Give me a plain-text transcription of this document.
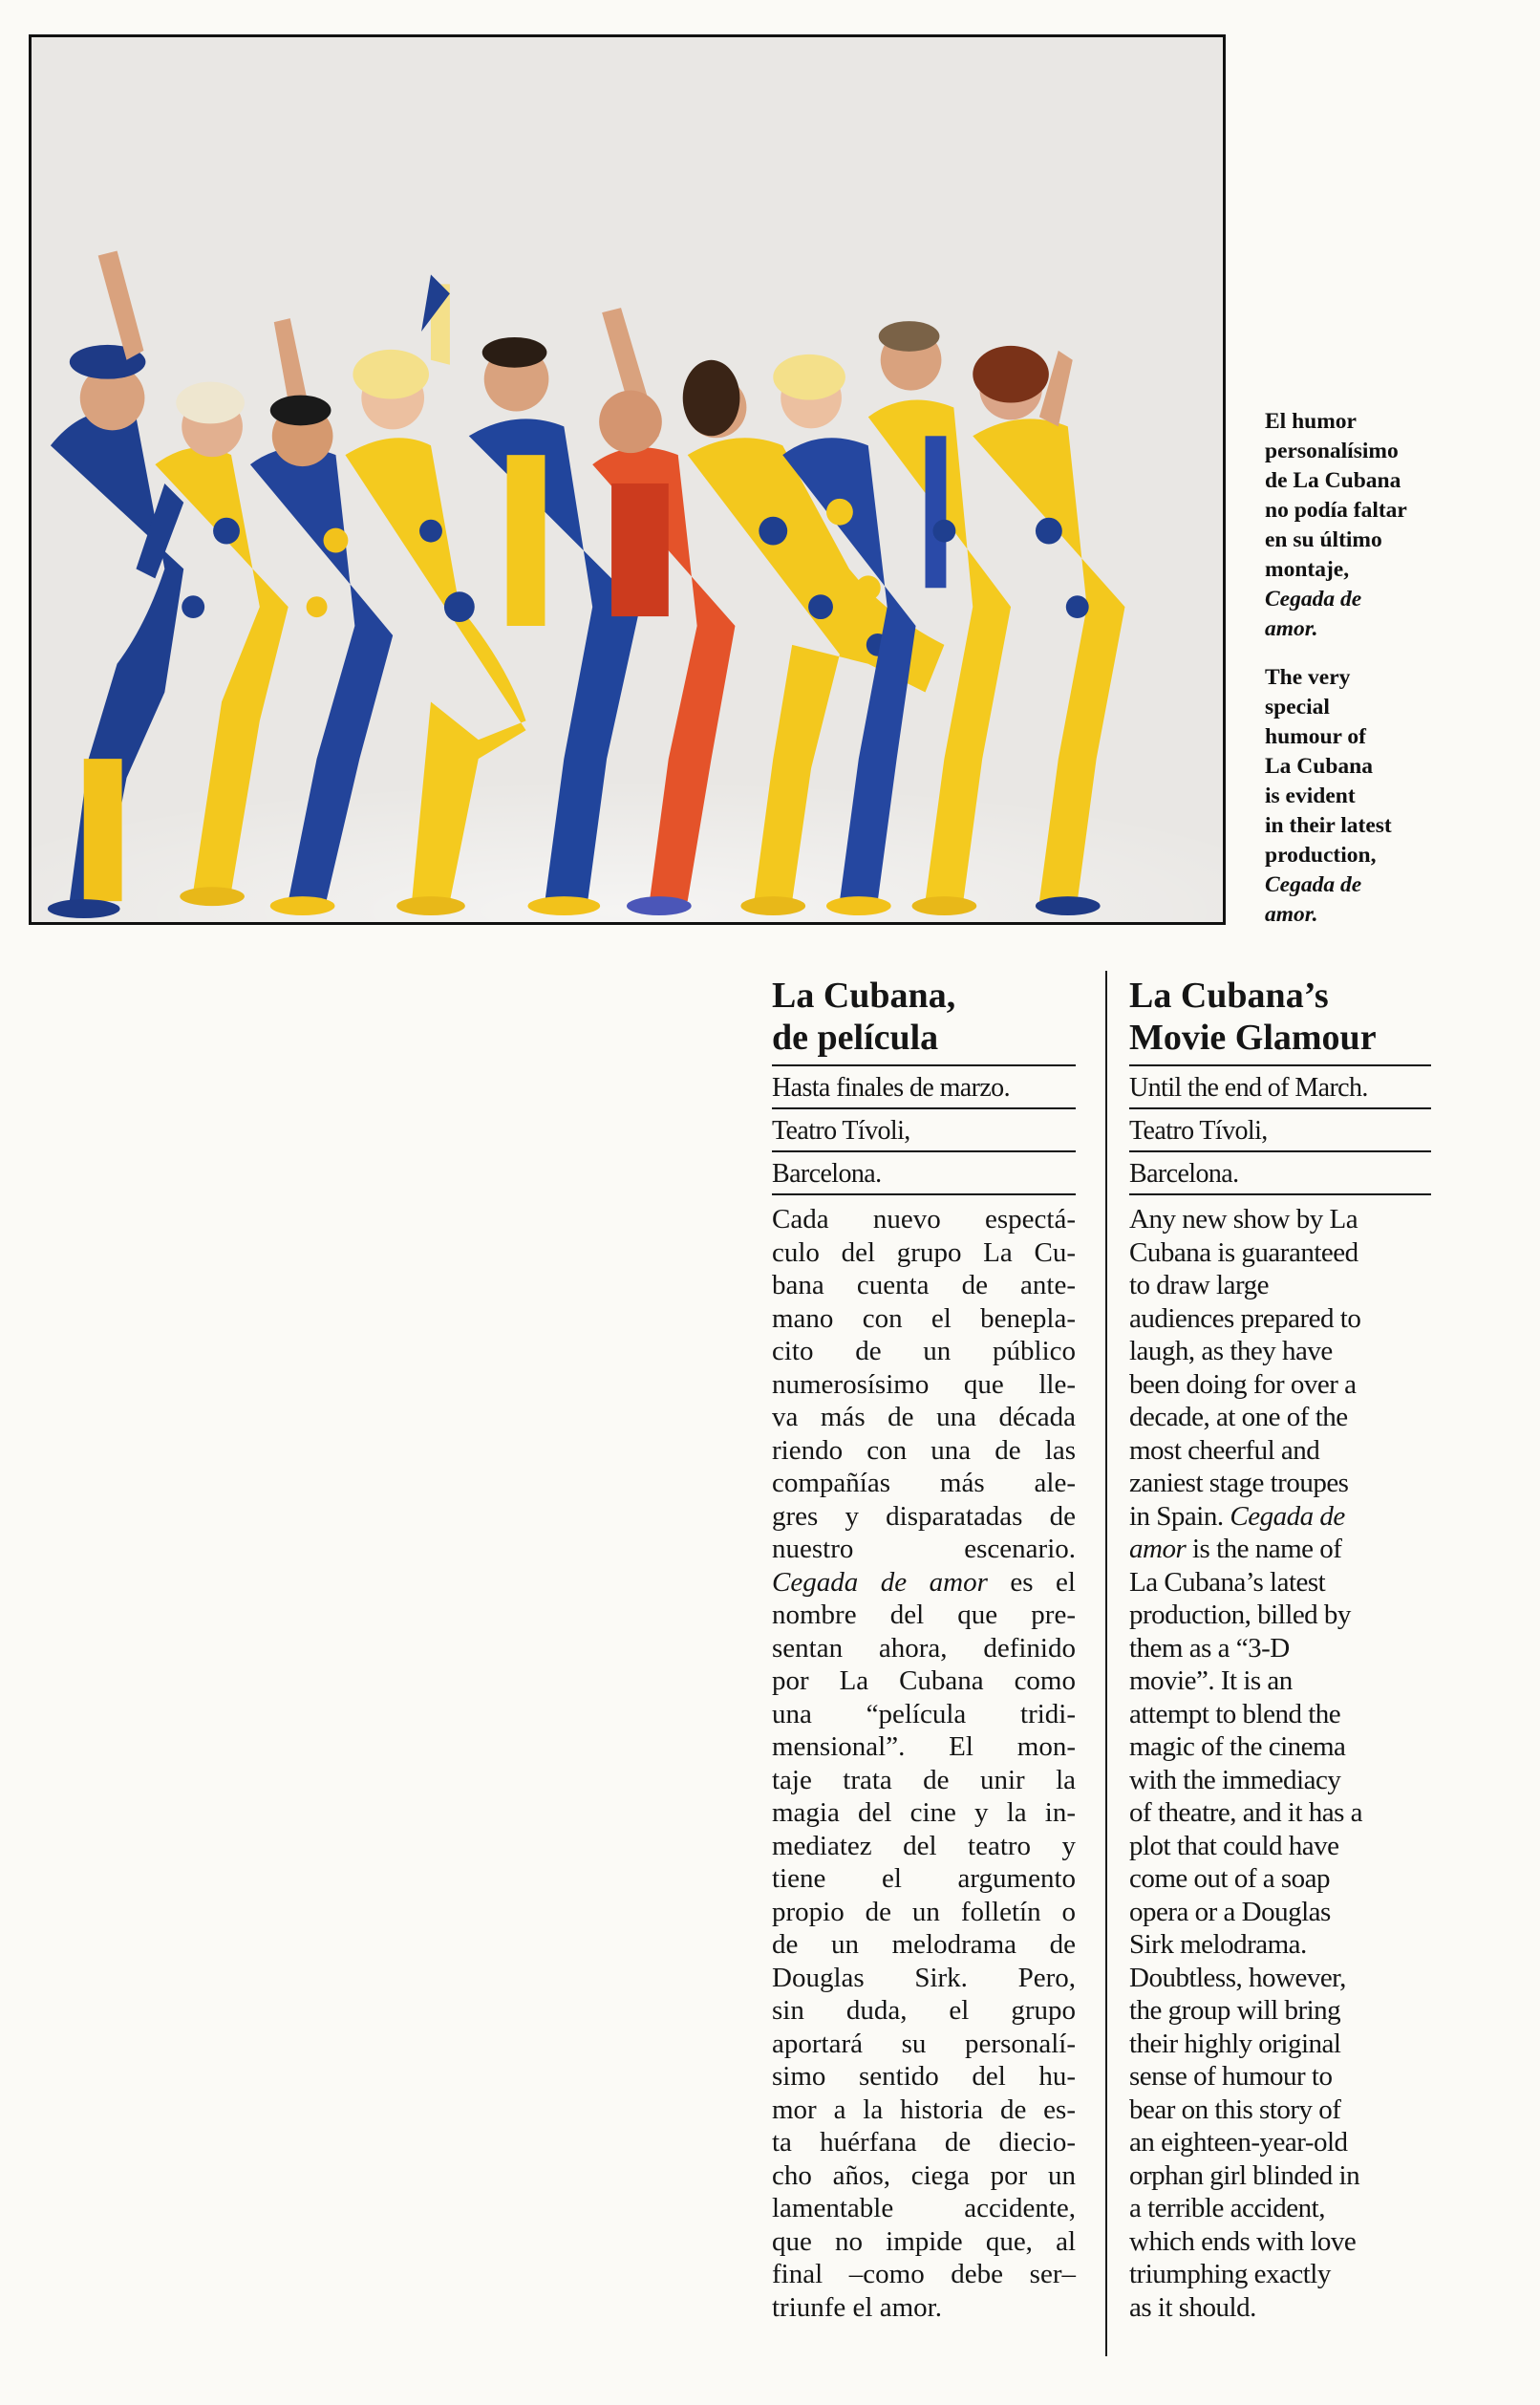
El humor
personalísimo
de La Cubana
no podía faltar
en su último
montaje,
Cegada de
amor.
The very
special
humour of
La Cubana
is evident
in their latest
production,
Cegada de
amor.
La Cubana,
de película
Hasta finales de marzo.
Teatro Tívoli,
Barcelona.
Cada nuevo espectá-
culo del grupo La Cu-
bana cuenta de ante-
mano con el benepla-
cito de un público
numerosísimo que lle-
va más de una década
riendo con una de las
compañías más ale-
gres y disparatadas de
nuestro escenario.
Cegada de amor es el
nombre del que pre-
sentan ahora, definido
por La Cubana como
una “película tridi-
mensional”. El mon-
taje trata de unir la
magia del cine y la in-
mediatez del teatro y
tiene el argumento
propio de un folletín o
de un melodrama de
Douglas Sirk. Pero,
sin duda, el grupo
aportará su personalí-
simo sentido del hu-
mor a la historia de es-
ta huérfana de diecio-
cho años, ciega por un
lamentable accidente,
que no impide que, al
final –como debe ser–
triunfe el amor.
La Cubana’s
Movie Glamour
Until the end of March.
Teatro Tívoli,
Barcelona.
Any new show by La
Cubana is guaranteed
to draw large
audiences prepared to
laugh, as they have
been doing for over a
decade, at one of the
most cheerful and
zaniest stage troupes
in Spain. Cegada de
amor is the name of
La Cubana’s latest
production, billed by
them as a “3-D
movie”. It is an
attempt to blend the
magic of the cinema
with the immediacy
of theatre, and it has a
plot that could have
come out of a soap
opera or a Douglas
Sirk melodrama.
Doubtless, however,
the group will bring
their highly original
sense of humour to
bear on this story of
an eighteen-year-old
orphan girl blinded in
a terrible accident,
which ends with love
triumphing exactly
as it should.
